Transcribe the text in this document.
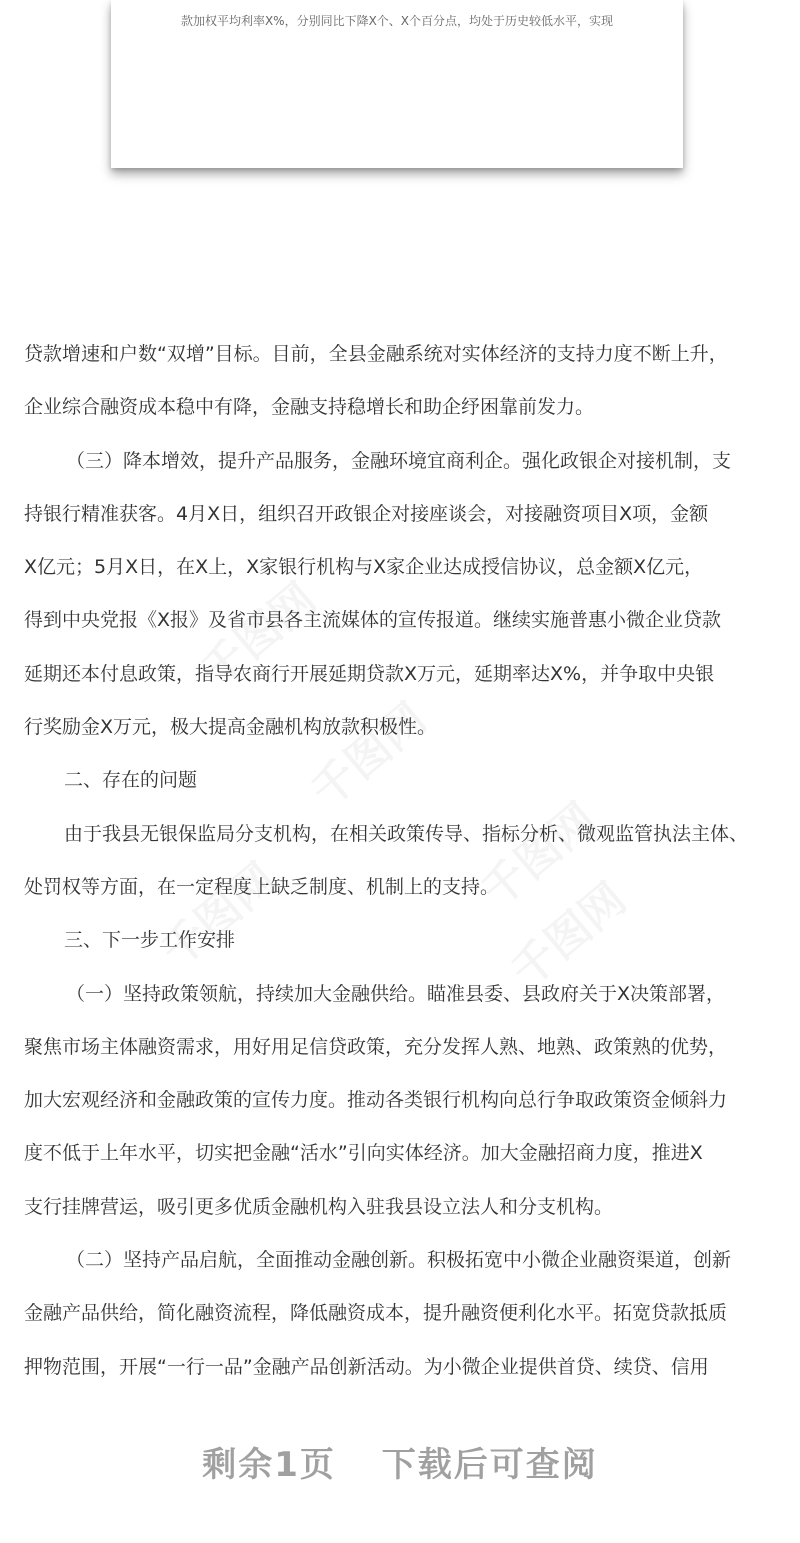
款加权平均利率X%，分别同比下降X个、X个百分点，均处于历史较低水平，实现

贷款增速和户数“双增”目标。目前，全县金融系统对实体经济的支持力度不断上升，

企业综合融资成本稳中有降，金融支持稳增长和助企纾困靠前发力。

（三）降本增效，提升产品服务，金融环境宜商利企。强化政银企对接机制，支

持银行精准获客。4月X日，组织召开政银企对接座谈会，对接融资项目X项，金额

X亿元；5月X日，在X上，X家银行机构与X家企业达成授信协议，总金额X亿元，

得到中央党报《X报》及省市县各主流媒体的宣传报道。继续实施普惠小微企业贷款

延期还本付息政策，指导农商行开展延期贷款X万元，延期率达X%，并争取中央银

行奖励金X万元，极大提高金融机构放款积极性。

二、存在的问题

由于我县无银保监局分支机构，在相关政策传导、指标分析、微观监管执法主体、

处罚权等方面，在一定程度上缺乏制度、机制上的支持。

三、下一步工作安排

（一）坚持政策领航，持续加大金融供给。瞄准县委、县政府关于X决策部署，

聚焦市场主体融资需求，用好用足信贷政策，充分发挥人熟、地熟、政策熟的优势，

加大宏观经济和金融政策的宣传力度。推动各类银行机构向总行争取政策资金倾斜力

度不低于上年水平，切实把金融“活水”引向实体经济。加大金融招商力度，推进X

支行挂牌营运，吸引更多优质金融机构入驻我县设立法人和分支机构。

（二）坚持产品启航，全面推动金融创新。积极拓宽中小微企业融资渠道，创新

金融产品供给，简化融资流程，降低融资成本，提升融资便利化水平。拓宽贷款抵质

押物范围，开展“一行一品”金融产品创新活动。为小微企业提供首贷、续贷、信用

剩余1页 下载后可查阅
